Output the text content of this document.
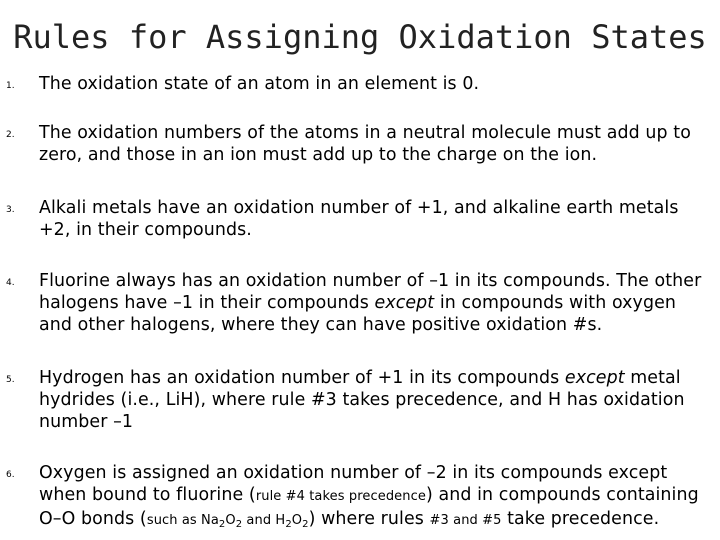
Rules for Assigning Oxidation States
1. The oxidation state of an atom in an element is 0.
2. The oxidation numbers of the atoms in a neutral molecule must add up to zero, and those in an ion must add up to the charge on the ion.
3. Alkali metals have an oxidation number of +1, and alkaline earth metals +2, in their compounds.
4. Fluorine always has an oxidation number of –1 in its compounds. The other halogens have –1 in their compounds except in compounds with oxygen and other halogens, where they can have positive oxidation #s.
5. Hydrogen has an oxidation number of +1 in its compounds except metal hydrides (i.e., LiH), where rule #3 takes precedence, and H has oxidation number –1
6. Oxygen is assigned an oxidation number of –2 in its compounds except when bound to fluorine (rule #4 takes precedence) and in compounds containing O–O bonds (such as $Na_2O_2$ and $H_2O_2$) where rules #3 and #5 take precedence.
